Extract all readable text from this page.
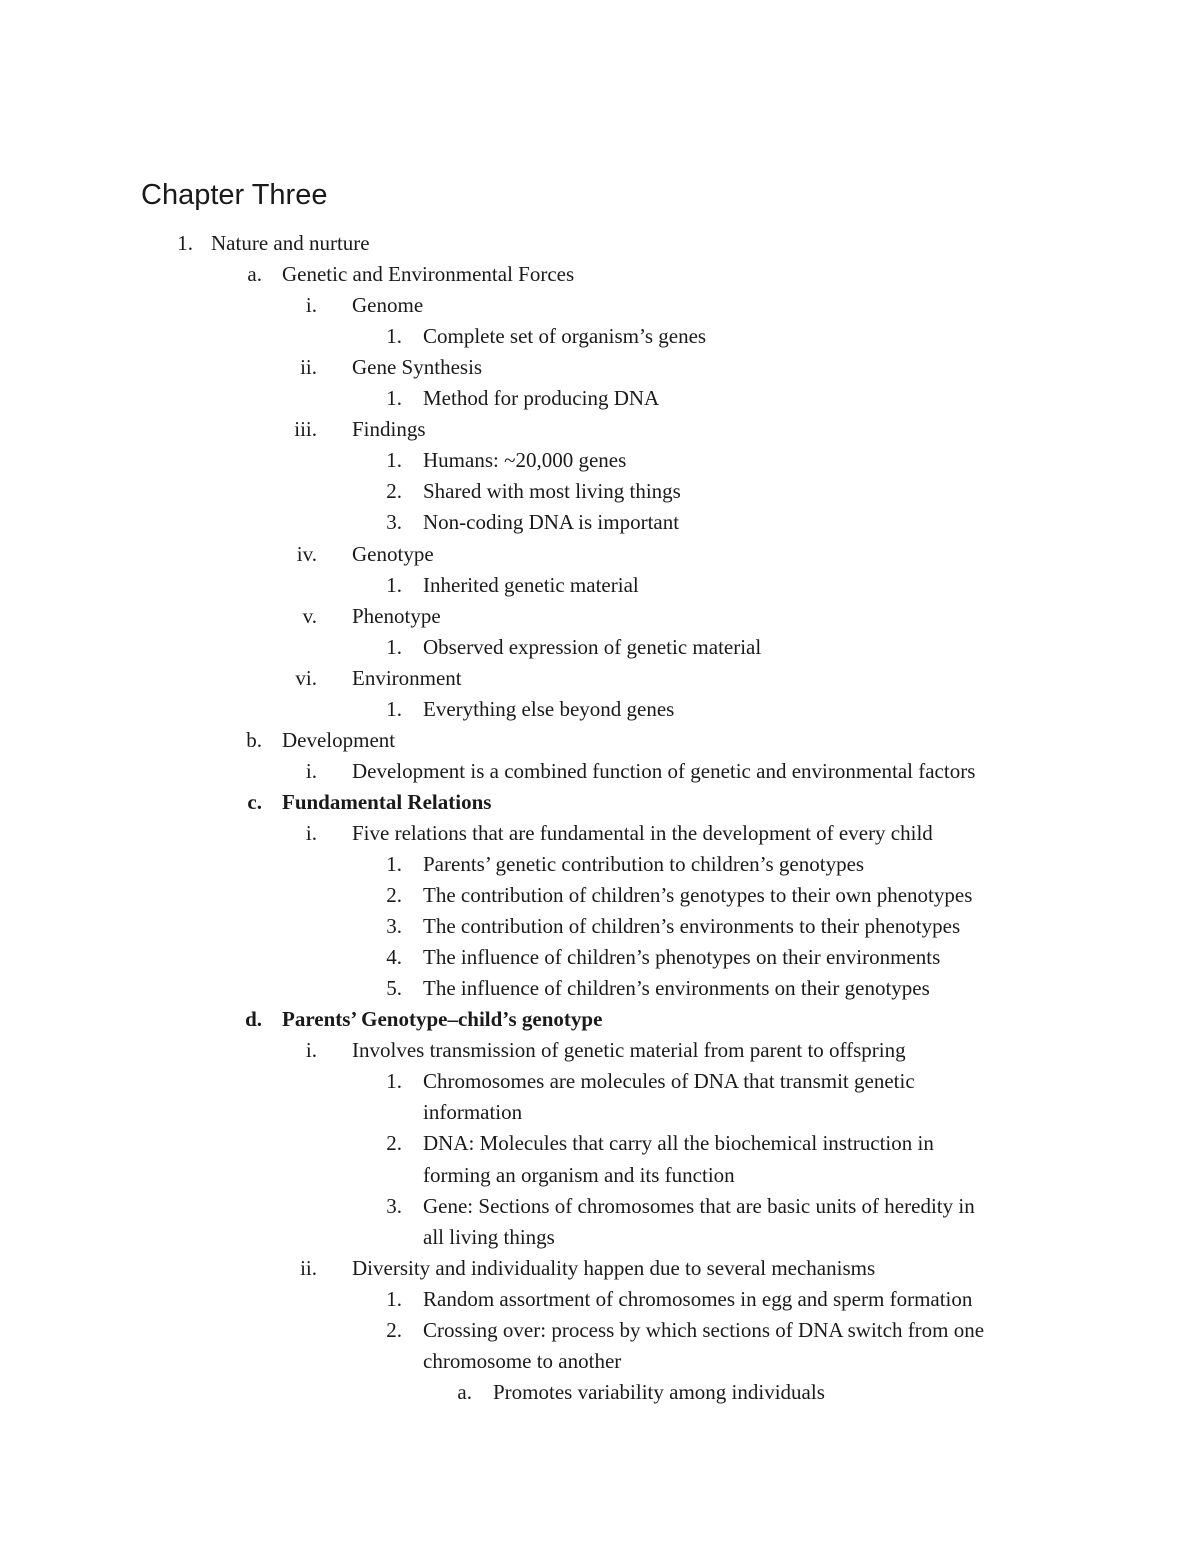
Chapter Three
1. Nature and nurture
a. Genetic and Environmental Forces
i. Genome
1. Complete set of organism’s genes
ii. Gene Synthesis
1. Method for producing DNA
iii. Findings
1. Humans: ~20,000 genes
2. Shared with most living things
3. Non-coding DNA is important
iv. Genotype
1. Inherited genetic material
v. Phenotype
1. Observed expression of genetic material
vi. Environment
1. Everything else beyond genes
b. Development
i. Development is a combined function of genetic and environmental factors
c. Fundamental Relations
i. Five relations that are fundamental in the development of every child
1. Parents’ genetic contribution to children’s genotypes
2. The contribution of children’s genotypes to their own phenotypes
3. The contribution of children’s environments to their phenotypes
4. The influence of children’s phenotypes on their environments
5. The influence of children’s environments on their genotypes
d. Parents’ Genotype–child’s genotype
i. Involves transmission of genetic material from parent to offspring
1. Chromosomes are molecules of DNA that transmit genetic
information
2. DNA: Molecules that carry all the biochemical instruction in
forming an organism and its function
3. Gene: Sections of chromosomes that are basic units of heredity in
all living things
ii. Diversity and individuality happen due to several mechanisms
1. Random assortment of chromosomes in egg and sperm formation
2. Crossing over: process by which sections of DNA switch from one
chromosome to another
a. Promotes variability among individuals
